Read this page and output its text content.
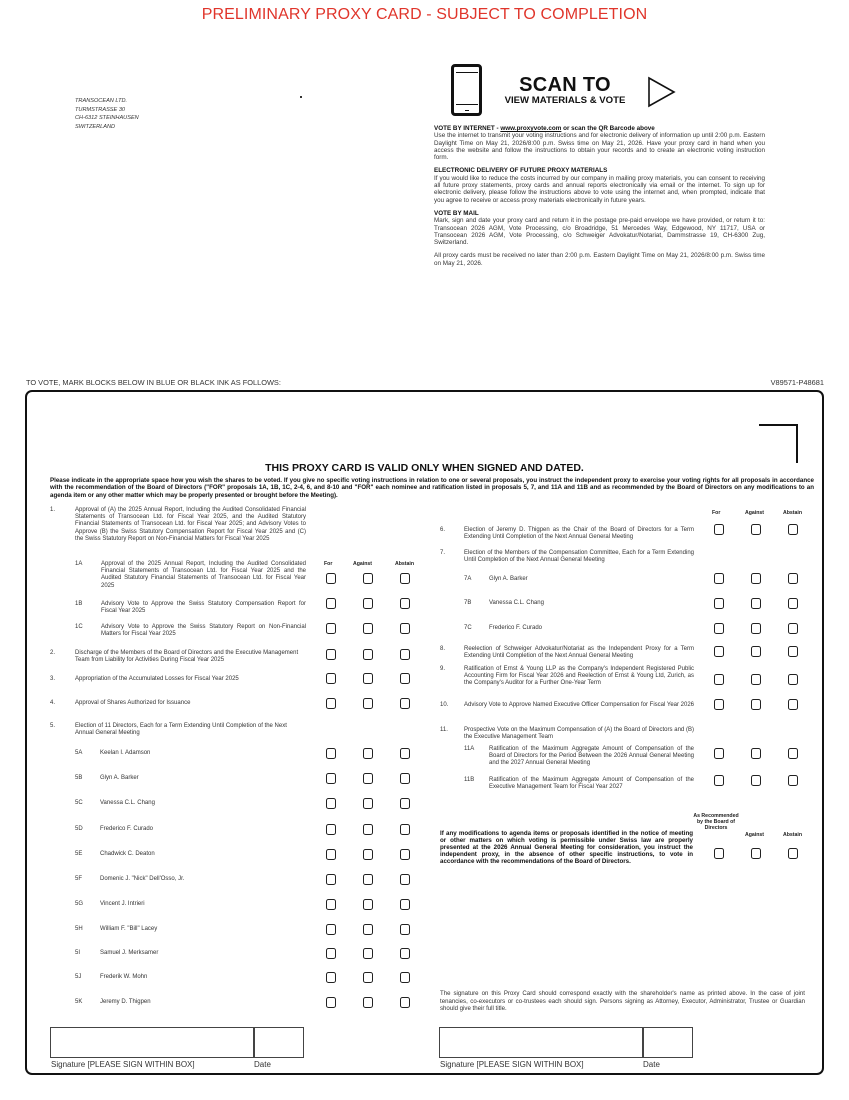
PRELIMINARY PROXY CARD - SUBJECT TO COMPLETION
TRANSOCEAN LTD.
TURMSTRASSE 30
CH-6312 STEINHAUSEN
SWITZERLAND
SCAN TO
VIEW MATERIALS & VOTE
VOTE BY INTERNET - www.proxyvote.com or scan the QR Barcode above
Use the internet to transmit your voting instructions and for electronic delivery of information up until 2:00 p.m. Eastern Daylight Time on May 21, 2026/8:00 p.m. Swiss time on May 21, 2026. Have your proxy card in hand when you access the website and follow the instructions to obtain your records and to create an electronic voting instruction form.
ELECTRONIC DELIVERY OF FUTURE PROXY MATERIALS
If you would like to reduce the costs incurred by our company in mailing proxy materials, you can consent to receiving all future proxy statements, proxy cards and annual reports electronically via email or the internet. To sign up for electronic delivery, please follow the instructions above to vote using the internet and, when prompted, indicate that you agree to receive or access proxy materials electronically in future years.
VOTE BY MAIL
Mark, sign and date your proxy card and return it in the postage pre-paid envelope we have provided, or return it to: Transocean 2026 AGM, Vote Processing, c/o Broadridge, 51 Mercedes Way, Edgewood, NY 11717, USA or Transocean 2026 AGM, Vote Processing, c/o Schweiger Advokatur/Notariat, Dammstrasse 19, CH-6300 Zug, Switzerland.
All proxy cards must be received no later than 2:00 p.m. Eastern Daylight Time on May 21, 2026/8:00 p.m. Swiss time on May 21, 2026.
TO VOTE, MARK BLOCKS BELOW IN BLUE OR BLACK INK AS FOLLOWS:	V89571-P48681
THIS PROXY CARD IS VALID ONLY WHEN SIGNED AND DATED.
Please indicate in the appropriate space how you wish the shares to be voted. If you give no specific voting instructions in relation to one or several proposals, you instruct the independent proxy to exercise your voting rights for all proposals in accordance with the recommendation of the Board of Directors ("FOR" proposals 1A, 1B, 1C, 2-4, 6, and 8-10 and "FOR" each nominee and ratification listed in proposals 5, 7, and 11A and 11B and as recommended by the Board of Directors on any modifications to an agenda item or any other matter which may be properly presented or brought before the Meeting).
For	Against	Abstain
For	Against	Abstain
1.	Approval of (A) the 2025 Annual Report, Including the Audited Consolidated Financial Statements of Transocean Ltd. for Fiscal Year 2025, and the Audited Statutory Financial Statements of Transocean Ltd. for Fiscal Year 2025; and Advisory Votes to Approve (B) the Swiss Statutory Compensation Report for Fiscal Year 2025 and (C) the Swiss Statutory Report on Non-Financial Matters for Fiscal Year 2025
1A	Approval of the 2025 Annual Report, Including the Audited Consolidated Financial Statements of Transocean Ltd. for Fiscal Year 2025 and the Audited Statutory Financial Statements of Transocean Ltd. for Fiscal Year 2025
1B	Advisory Vote to Approve the Swiss Statutory Compensation Report for Fiscal Year 2025
1C	Advisory Vote to Approve the Swiss Statutory Report on Non-Financial Matters for Fiscal Year 2025
2.	Discharge of the Members of the Board of Directors and the Executive Management Team from Liability for Activities During Fiscal Year 2025
3.	Appropriation of the Accumulated Losses for Fiscal Year 2025
4.	Approval of Shares Authorized for Issuance
5.	Election of 11 Directors, Each for a Term Extending Until Completion of the Next Annual General Meeting
5A	Keelan I. Adamson
5B	Glyn A. Barker
5C	Vanessa C.L. Chang
5D	Frederico F. Curado
5E	Chadwick C. Deaton
5F	Domenic J. "Nick" Dell'Osso, Jr.
5G	Vincent J. Intrieri
5H	William F. "Bill" Lacey
5I	Samuel J. Merksamer
5J	Frederik W. Mohn
5K	Jeremy D. Thigpen
6.	Election of Jeremy D. Thigpen as the Chair of the Board of Directors for a Term Extending Until Completion of the Next Annual General Meeting
7.	Election of the Members of the Compensation Committee, Each for a Term Extending Until Completion of the Next Annual General Meeting
7A	Glyn A. Barker
7B	Vanessa C.L. Chang
7C	Frederico F. Curado
8.	Reelection of Schweiger Advokatur/Notariat as the Independent Proxy for a Term Extending Until Completion of the Next Annual General Meeting
9.	Ratification of Ernst & Young LLP as the Company's Independent Registered Public Accounting Firm for Fiscal Year 2026 and Reelection of Ernst & Young Ltd, Zurich, as the Company's Auditor for a Further One-Year Term
10.	Advisory Vote to Approve Named Executive Officer Compensation for Fiscal Year 2026
11.	Prospective Vote on the Maximum Compensation of (A) the Board of Directors and (B) the Executive Management Team
11A Ratification of the Maximum Aggregate Amount of Compensation of the Board of Directors for the Period Between the 2026 Annual General Meeting and the 2027 Annual General Meeting
11B Ratification of the Maximum Aggregate Amount of Compensation of the Executive Management Team for Fiscal Year 2027
As Recommended by the Board of Directors
Against	Abstain
If any modifications to agenda items or proposals identified in the notice of meeting or other matters on which voting is permissible under Swiss law are properly presented at the 2026 Annual General Meeting for consideration, you instruct the independent proxy, in the absence of other specific instructions, to vote in accordance with the recommendations of the Board of Directors.
The signature on this Proxy Card should correspond exactly with the shareholder's name as printed above. In the case of joint tenancies, co-executors or co-trustees each should sign. Persons signing as Attorney, Executor, Administrator, Trustee or Guardian should give their full title.
Signature [PLEASE SIGN WITHIN BOX]	Date	Signature [PLEASE SIGN WITHIN BOX]	Date
